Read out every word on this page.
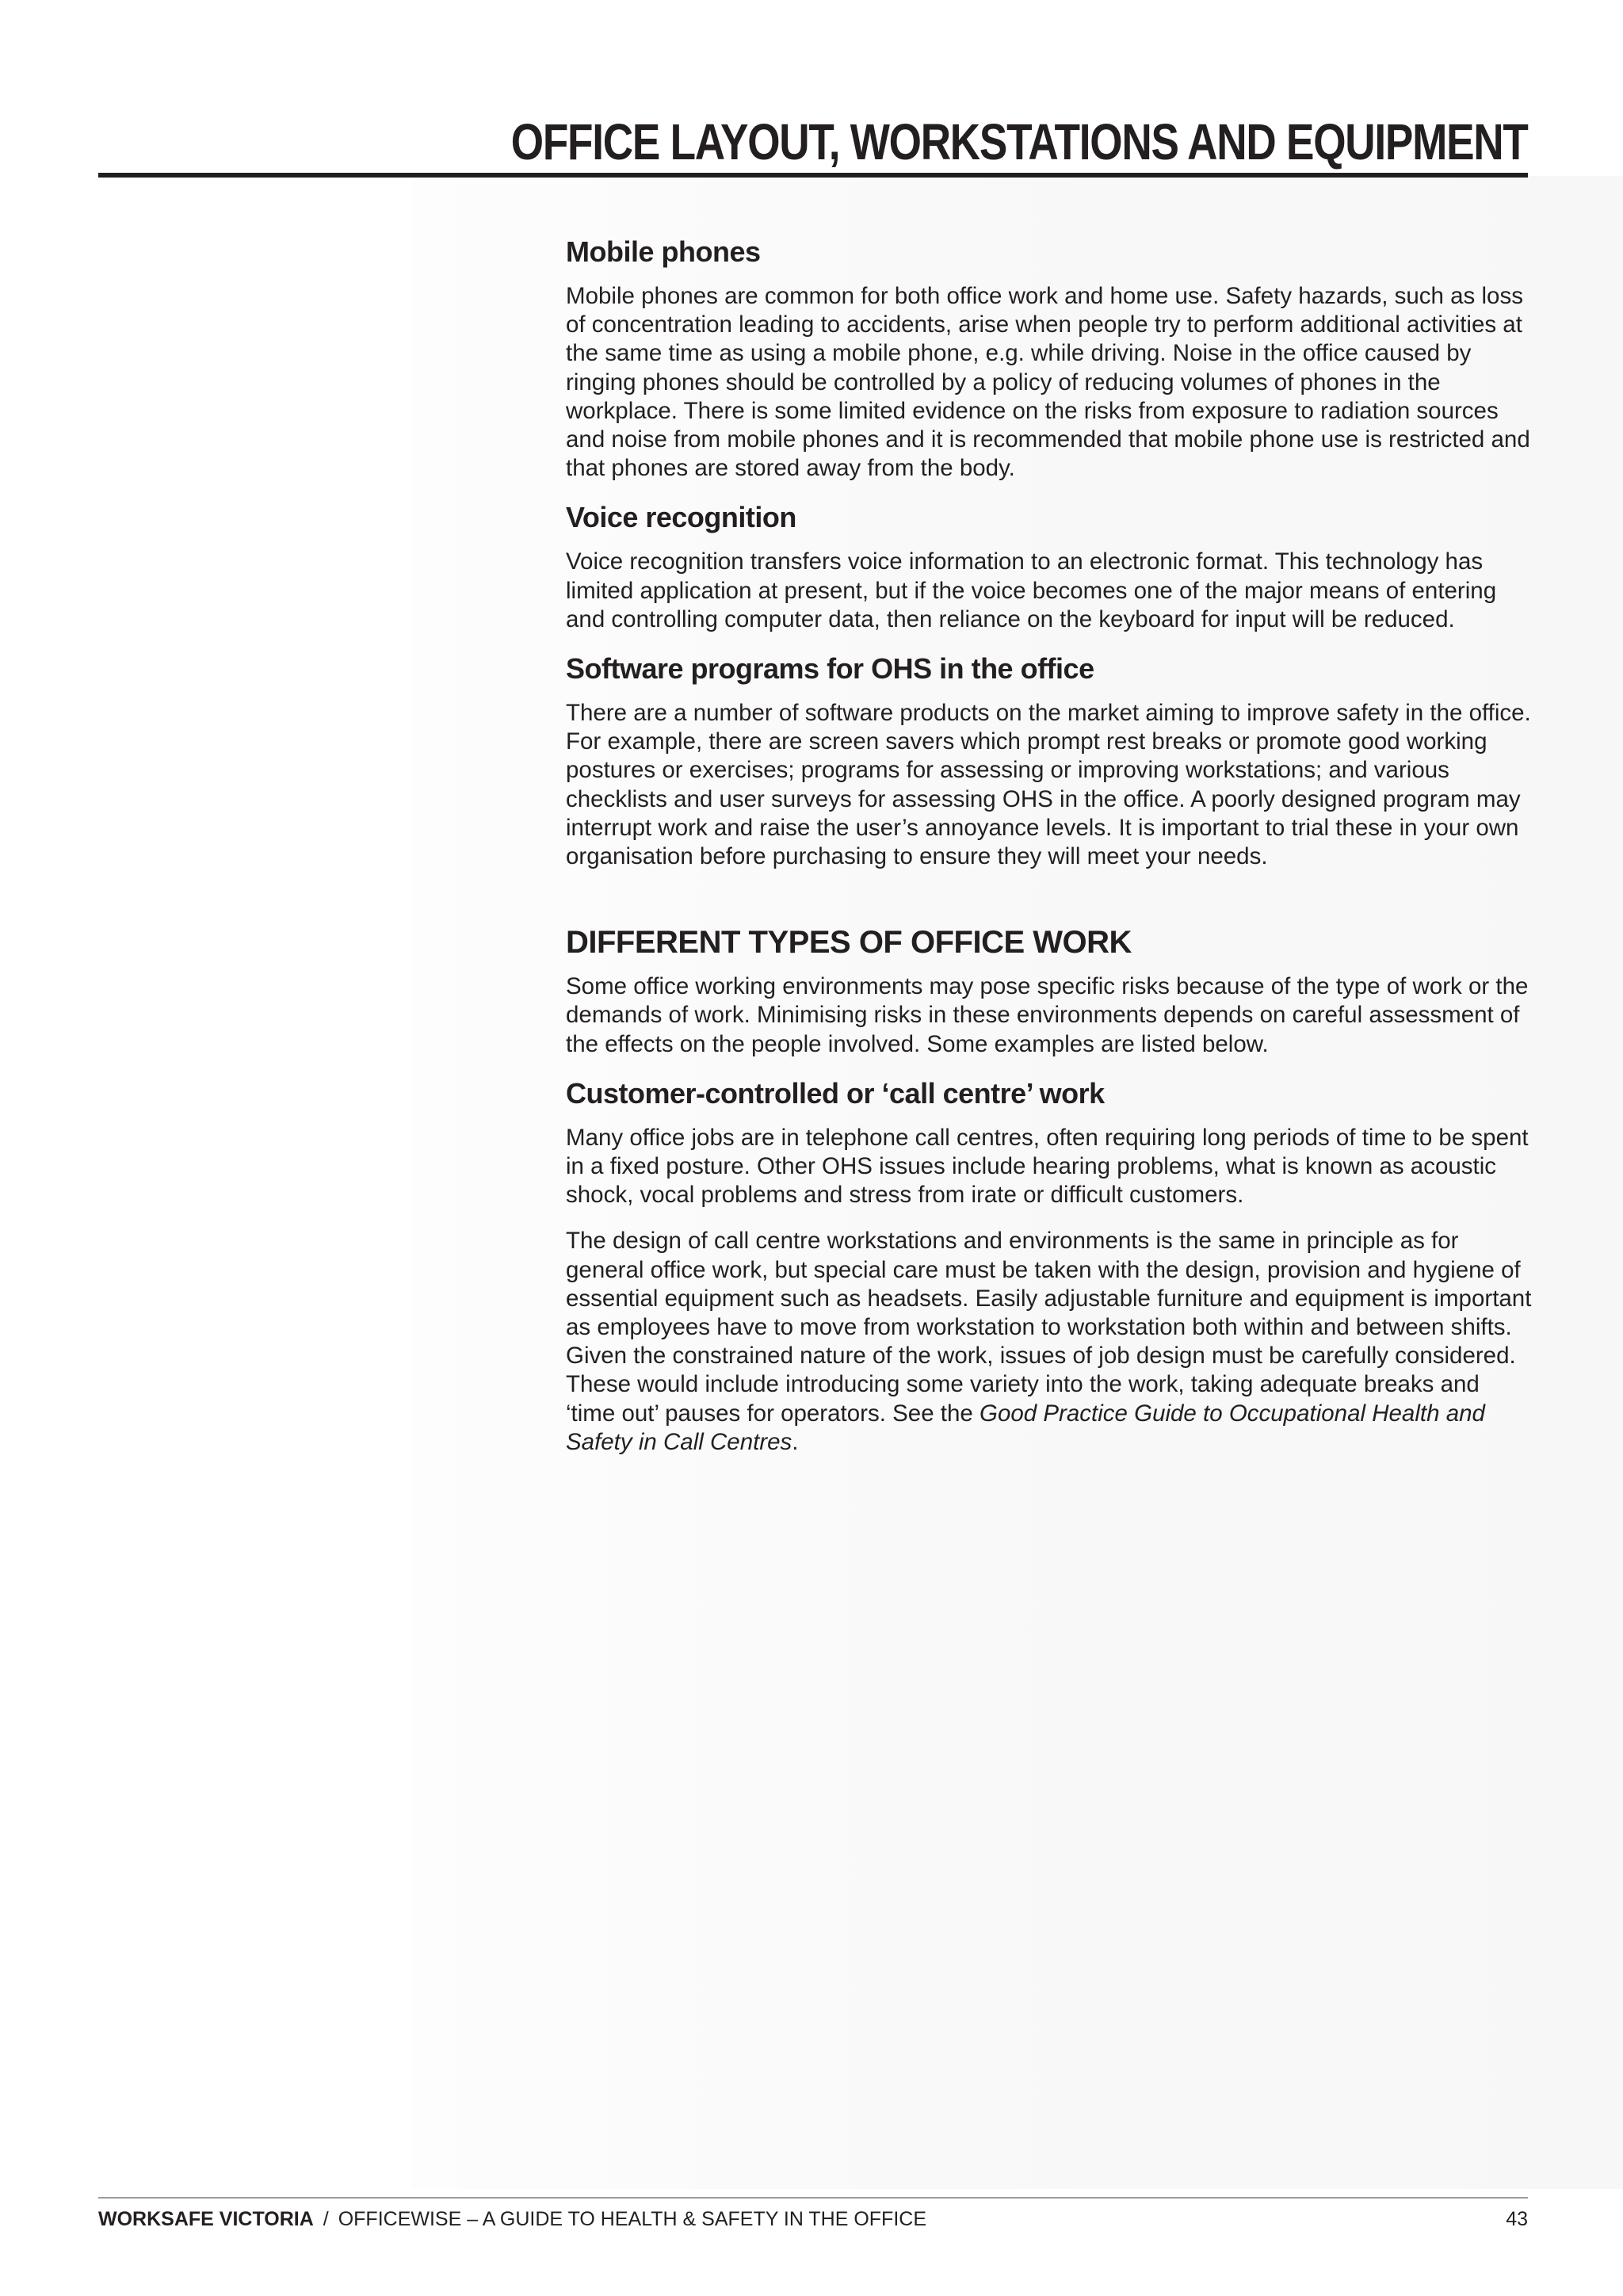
OFFICE LAYOUT, WORKSTATIONS AND EQUIPMENT
Mobile phones

Mobile phones are common for both office work and home use. Safety hazards, such as loss of concentration leading to accidents, arise when people try to perform additional activities at the same time as using a mobile phone, e.g. while driving. Noise in the office caused by ringing phones should be controlled by a policy of reducing volumes of phones in the workplace. There is some limited evidence on the risks from exposure to radiation sources and noise from mobile phones and it is recommended that mobile phone use is restricted and that phones are stored away from the body.

Voice recognition

Voice recognition transfers voice information to an electronic format. This technology has limited application at present, but if the voice becomes one of the major means of entering and controlling computer data, then reliance on the keyboard for input will be reduced.

Software programs for OHS in the office

There are a number of software products on the market aiming to improve safety in the office. For example, there are screen savers which prompt rest breaks or promote good working postures or exercises; programs for assessing or improving workstations; and various checklists and user surveys for assessing OHS in the office. A poorly designed program may interrupt work and raise the user’s annoyance levels. It is important to trial these in your own organisation before purchasing to ensure they will meet your needs.

DIFFERENT TYPES OF OFFICE WORK

Some office working environments may pose specific risks because of the type of work or the demands of work. Minimising risks in these environments depends on careful assessment of the effects on the people involved. Some examples are listed below.

Customer-controlled or ‘call centre’ work

Many office jobs are in telephone call centres, often requiring long periods of time to be spent in a fixed posture. Other OHS issues include hearing problems, what is known as acoustic shock, vocal problems and stress from irate or difficult customers.

The design of call centre workstations and environments is the same in principle as for general office work, but special care must be taken with the design, provision and hygiene of essential equipment such as headsets. Easily adjustable furniture and equipment is important as employees have to move from workstation to workstation both within and between shifts. Given the constrained nature of the work, issues of job design must be carefully considered. These would include introducing some variety into the work, taking adequate breaks and ‘time out’ pauses for operators. See the Good Practice Guide to Occupational Health and Safety in Call Centres.

WORKSAFE VICTORIA / OFFICEWISE – A GUIDE TO HEALTH & SAFETY IN THE OFFICE	43
